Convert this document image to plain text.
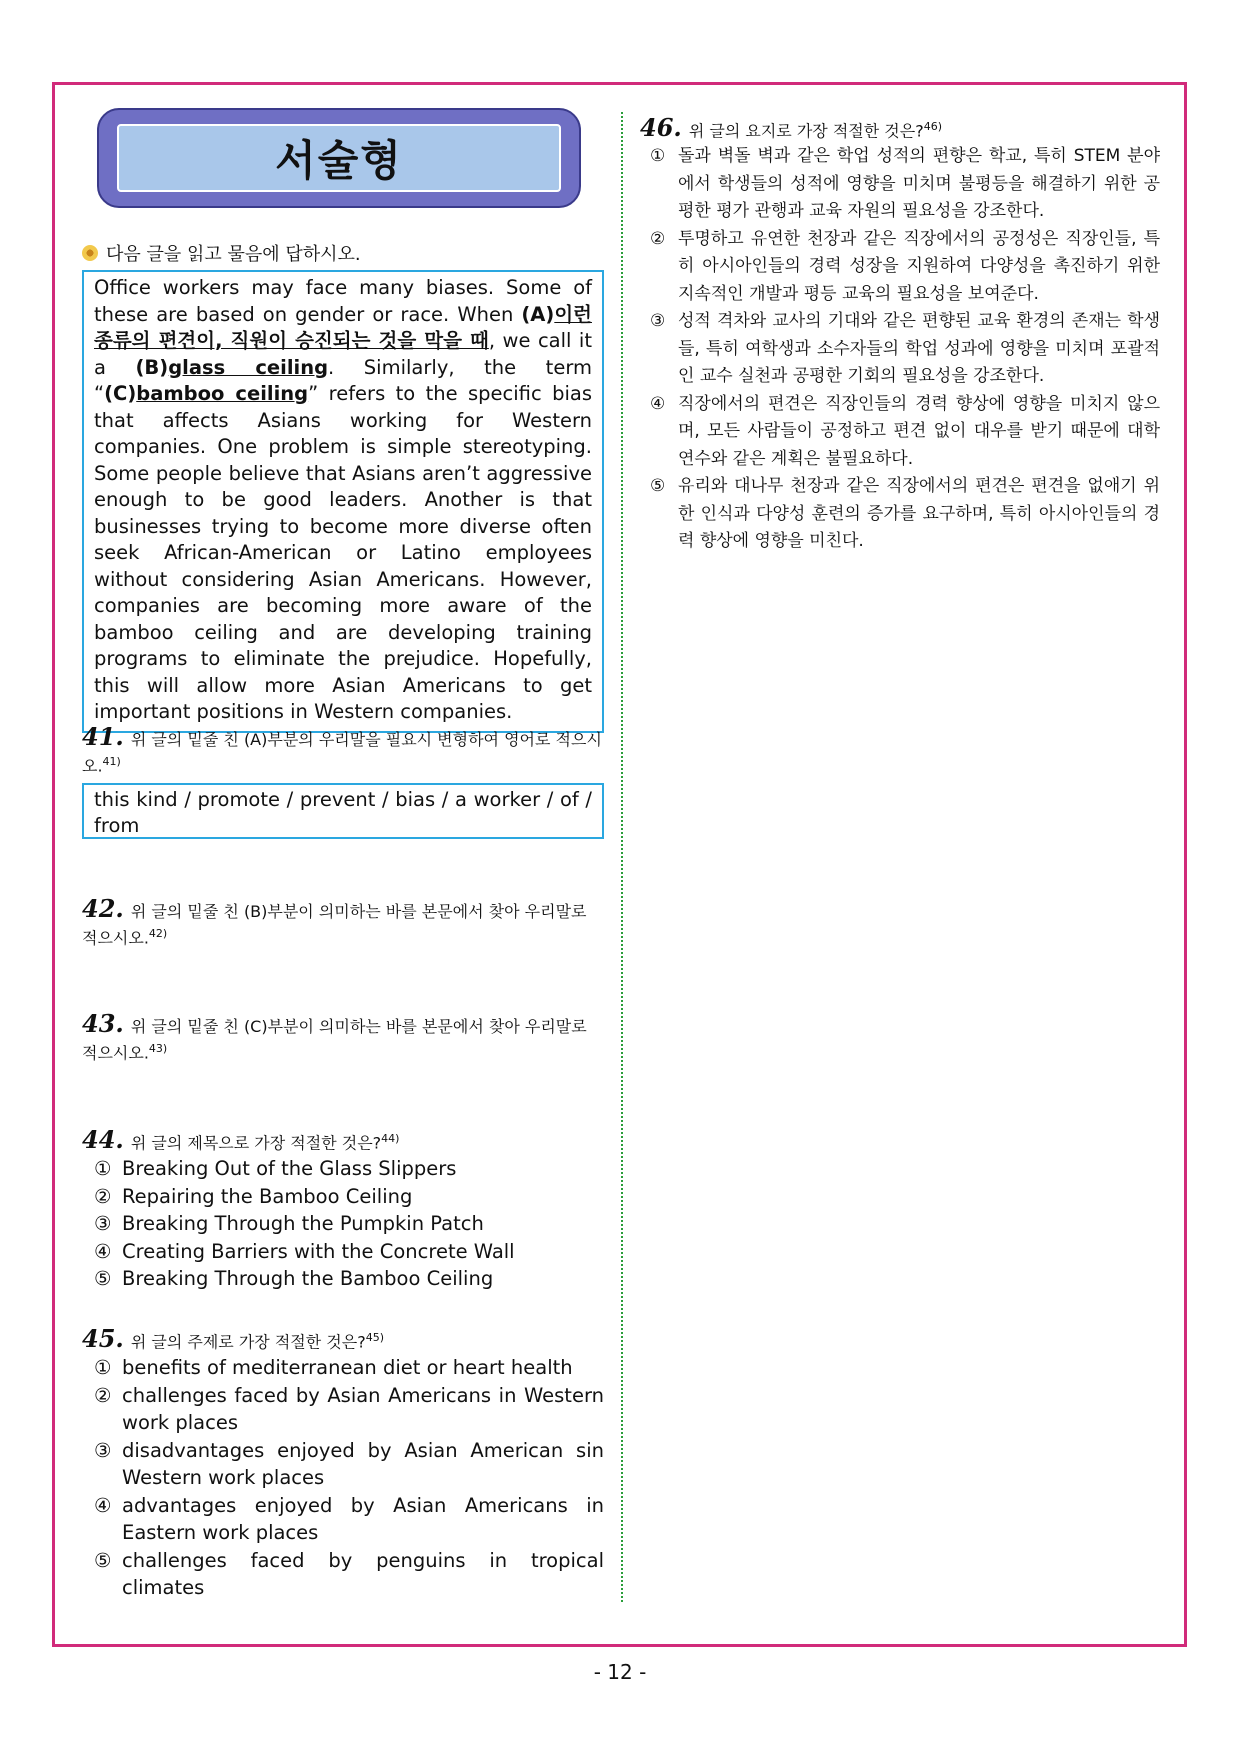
서술형
다음 글을 읽고 물음에 답하시오.
Office workers may face many biases. Some of these are based on gender or race. When (A)이런 종류의 편견이, 직원이 승진되는 것을 막을 때, we call it a (B)glass ceiling. Similarly, the term “(C)bamboo ceiling” refers to the specific bias that affects Asians working for Western companies. One problem is simple stereotyping. Some people believe that Asians aren’t aggressive enough to be good leaders. Another is that businesses trying to become more diverse often seek African-American or Latino employees without considering Asian Americans. However, companies are becoming more aware of the bamboo ceiling and are developing training programs to eliminate the prejudice. Hopefully, this will allow more Asian Americans to get important positions in Western companies.
41. 위 글의 밑줄 친 (A)부분의 우리말을 필요시 변형하여 영어로 적으시오.$^{41)}$
this kind / promote / prevent / bias / a worker / of / from
42. 위 글의 밑줄 친 (B)부분이 의미하는 바를 본문에서 찾아 우리말로 적으시오.$^{42)}$
43. 위 글의 밑줄 친 (C)부분이 의미하는 바를 본문에서 찾아 우리말로 적으시오.$^{43)}$
44. 위 글의 제목으로 가장 적절한 것은?$^{44)}$
① Breaking Out of the Glass Slippers
② Repairing the Bamboo Ceiling
③ Breaking Through the Pumpkin Patch
④ Creating Barriers with the Concrete Wall
⑤ Breaking Through the Bamboo Ceiling
45. 위 글의 주제로 가장 적절한 것은?$^{45)}$
① benefits of mediterranean diet or heart health
② challenges faced by Asian Americans in Western work places
③ disadvantages enjoyed by Asian American sin Western work places
④ advantages enjoyed by Asian Americans in Eastern work places
⑤ challenges faced by penguins in tropical climates
46. 위 글의 요지로 가장 적절한 것은?$^{46)}$
① 돌과 벽돌 벽과 같은 학업 성적의 편향은 학교, 특히 STEM 분야에서 학생들의 성적에 영향을 미치며 불평등을 해결하기 위한 공평한 평가 관행과 교육 자원의 필요성을 강조한다.
② 투명하고 유연한 천장과 같은 직장에서의 공정성은 직장인들, 특히 아시아인들의 경력 성장을 지원하여 다양성을 촉진하기 위한 지속적인 개발과 평등 교육의 필요성을 보여준다.
③ 성적 격차와 교사의 기대와 같은 편향된 교육 환경의 존재는 학생들, 특히 여학생과 소수자들의 학업 성과에 영향을 미치며 포괄적인 교수 실천과 공평한 기회의 필요성을 강조한다.
④ 직장에서의 편견은 직장인들의 경력 향상에 영향을 미치지 않으며, 모든 사람들이 공정하고 편견 없이 대우를 받기 때문에 대학 연수와 같은 계획은 불필요하다.
⑤ 유리와 대나무 천장과 같은 직장에서의 편견은 편견을 없애기 위한 인식과 다양성 훈련의 증가를 요구하며, 특히 아시아인들의 경력 향상에 영향을 미친다.
- 12 -
